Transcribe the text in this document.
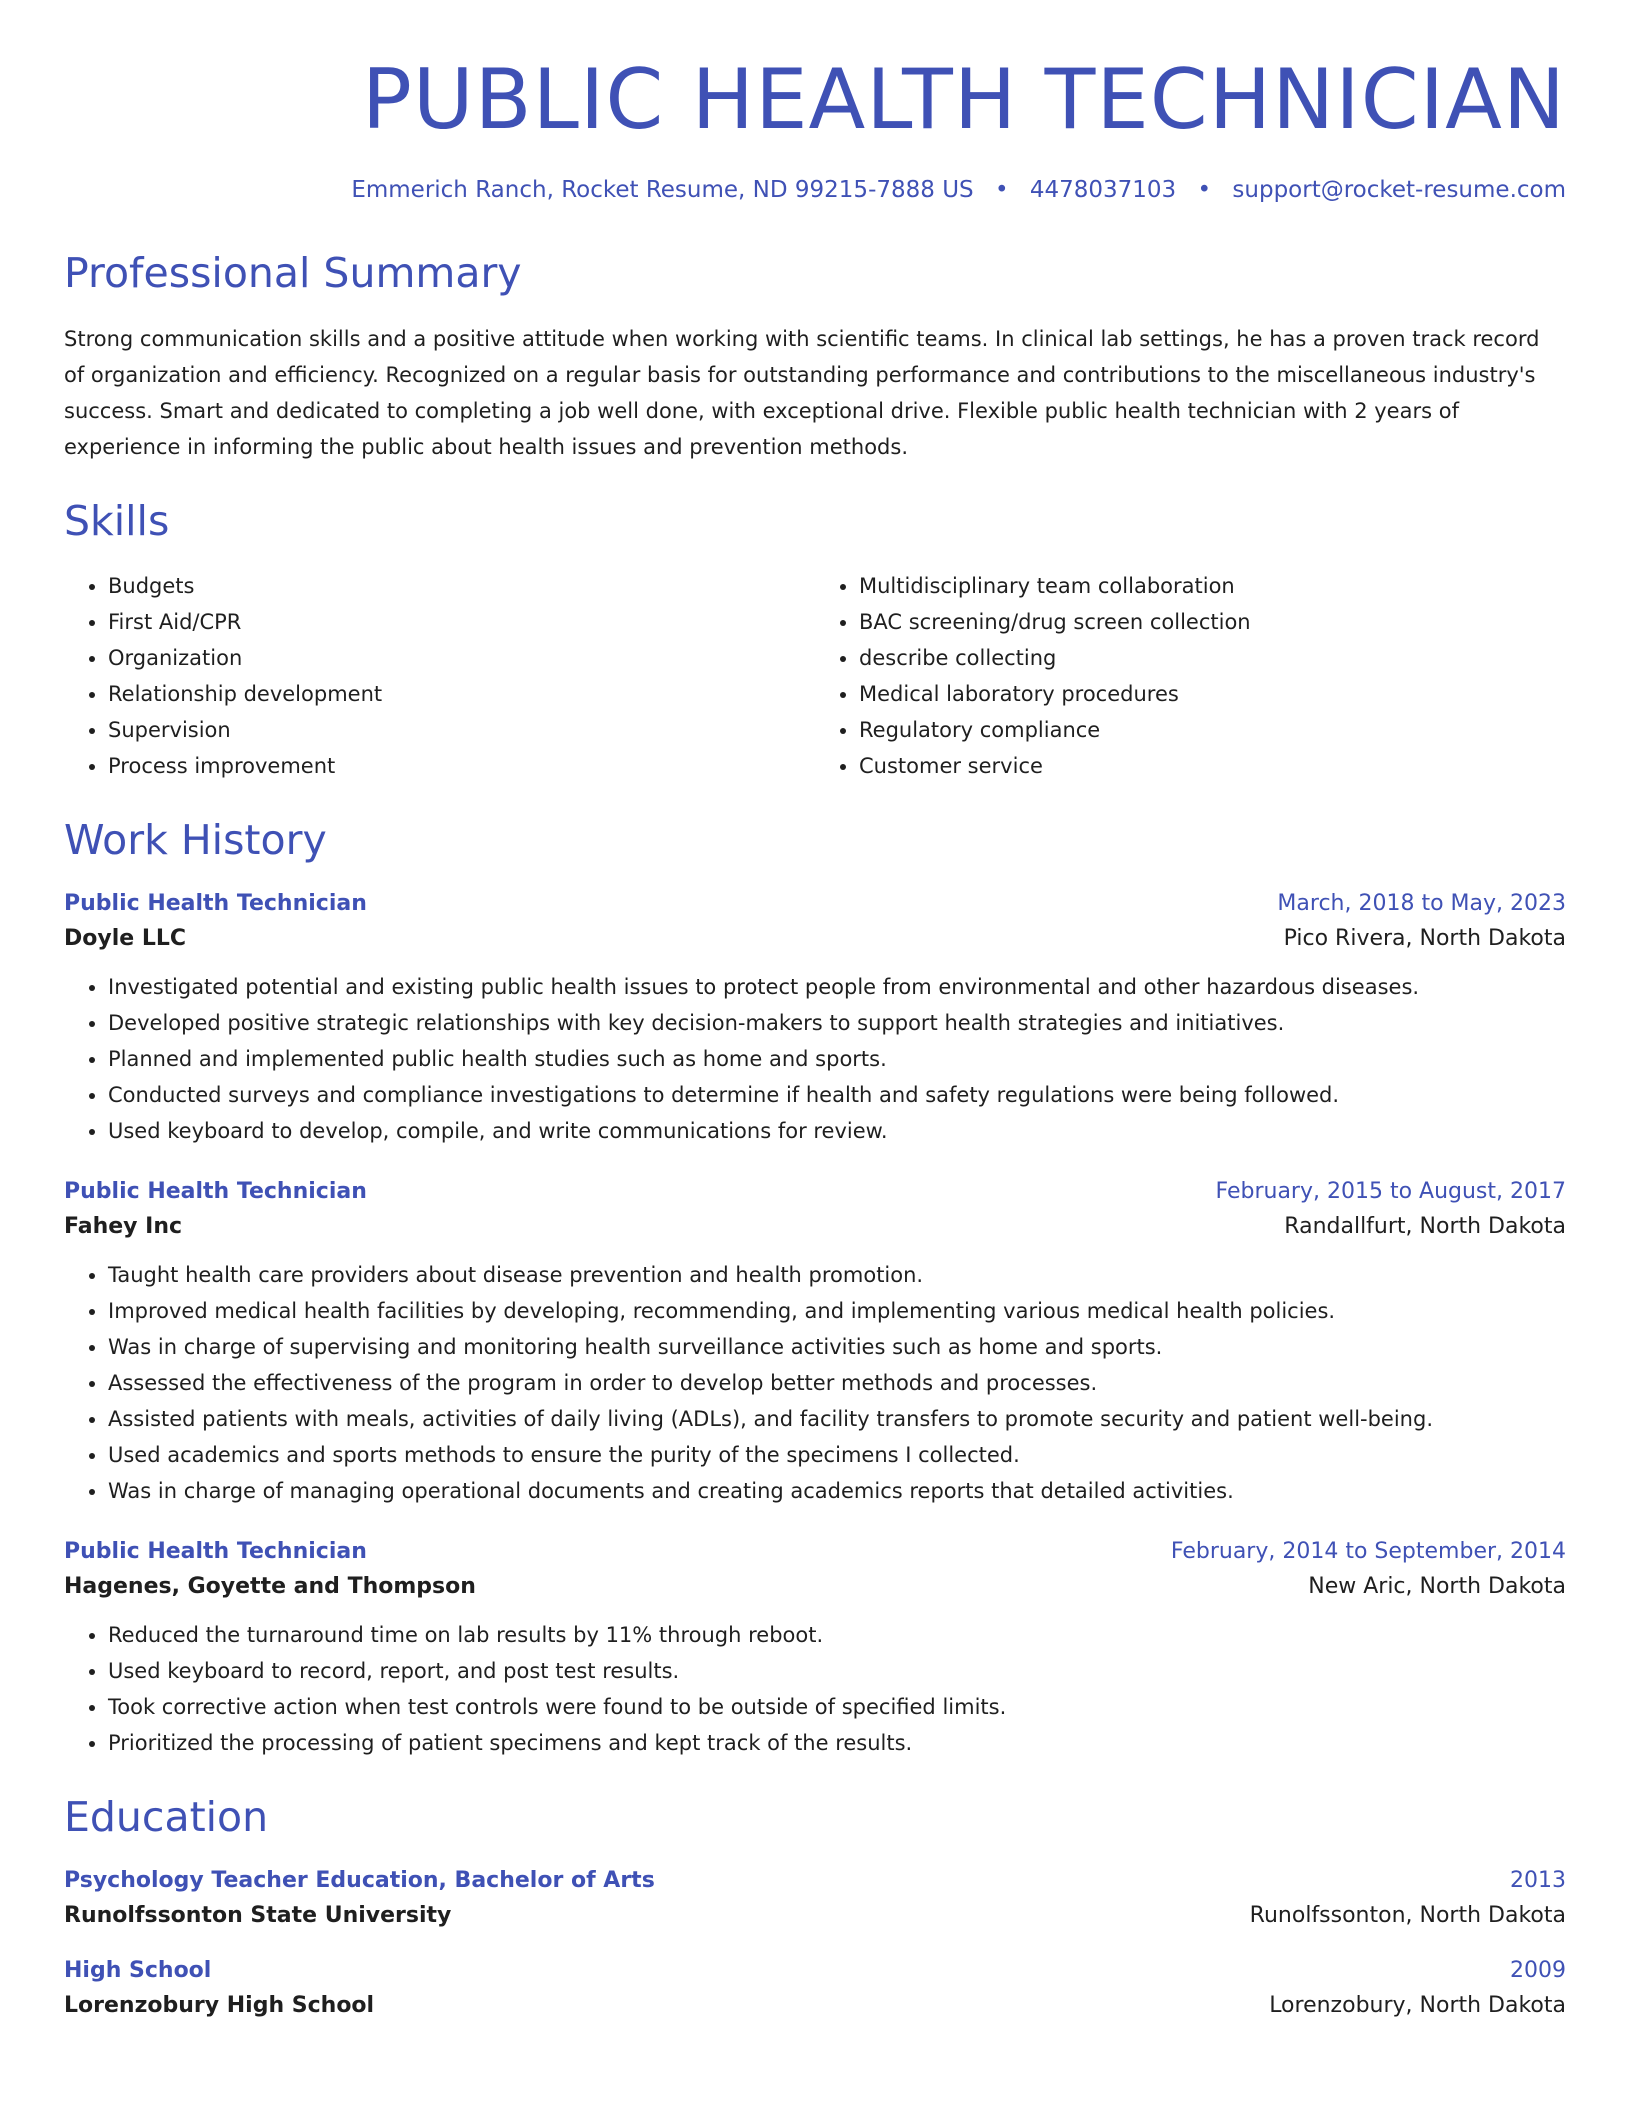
PUBLIC HEALTH TECHNICIAN
Emmerich Ranch, Rocket Resume, ND 99215-7888 US • 4478037103 • support@rocket-resume.com
Professional Summary
Strong communication skills and a positive attitude when working with scientific teams. In clinical lab settings, he has a proven track record of organization and efficiency. Recognized on a regular basis for outstanding performance and contributions to the miscellaneous industry's success. Smart and dedicated to completing a job well done, with exceptional drive. Flexible public health technician with 2 years of experience in informing the public about health issues and prevention methods.
Skills
• Budgets
• First Aid/CPR
• Organization
• Relationship development
• Supervision
• Process improvement
• Multidisciplinary team collaboration
• BAC screening/drug screen collection
• describe collecting
• Medical laboratory procedures
• Regulatory compliance
• Customer service
Work History
Public Health Technician	March, 2018 to May, 2023
Doyle LLC	Pico Rivera, North Dakota
• Investigated potential and existing public health issues to protect people from environmental and other hazardous diseases.
• Developed positive strategic relationships with key decision-makers to support health strategies and initiatives.
• Planned and implemented public health studies such as home and sports.
• Conducted surveys and compliance investigations to determine if health and safety regulations were being followed.
• Used keyboard to develop, compile, and write communications for review.
Public Health Technician	February, 2015 to August, 2017
Fahey Inc	Randallfurt, North Dakota
• Taught health care providers about disease prevention and health promotion.
• Improved medical health facilities by developing, recommending, and implementing various medical health policies.
• Was in charge of supervising and monitoring health surveillance activities such as home and sports.
• Assessed the effectiveness of the program in order to develop better methods and processes.
• Assisted patients with meals, activities of daily living (ADLs), and facility transfers to promote security and patient well-being.
• Used academics and sports methods to ensure the purity of the specimens I collected.
• Was in charge of managing operational documents and creating academics reports that detailed activities.
Public Health Technician	February, 2014 to September, 2014
Hagenes, Goyette and Thompson	New Aric, North Dakota
• Reduced the turnaround time on lab results by 11% through reboot.
• Used keyboard to record, report, and post test results.
• Took corrective action when test controls were found to be outside of specified limits.
• Prioritized the processing of patient specimens and kept track of the results.
Education
Psychology Teacher Education, Bachelor of Arts	2013
Runolfssonton State University	Runolfssonton, North Dakota
High School	2009
Lorenzobury High School	Lorenzobury, North Dakota
